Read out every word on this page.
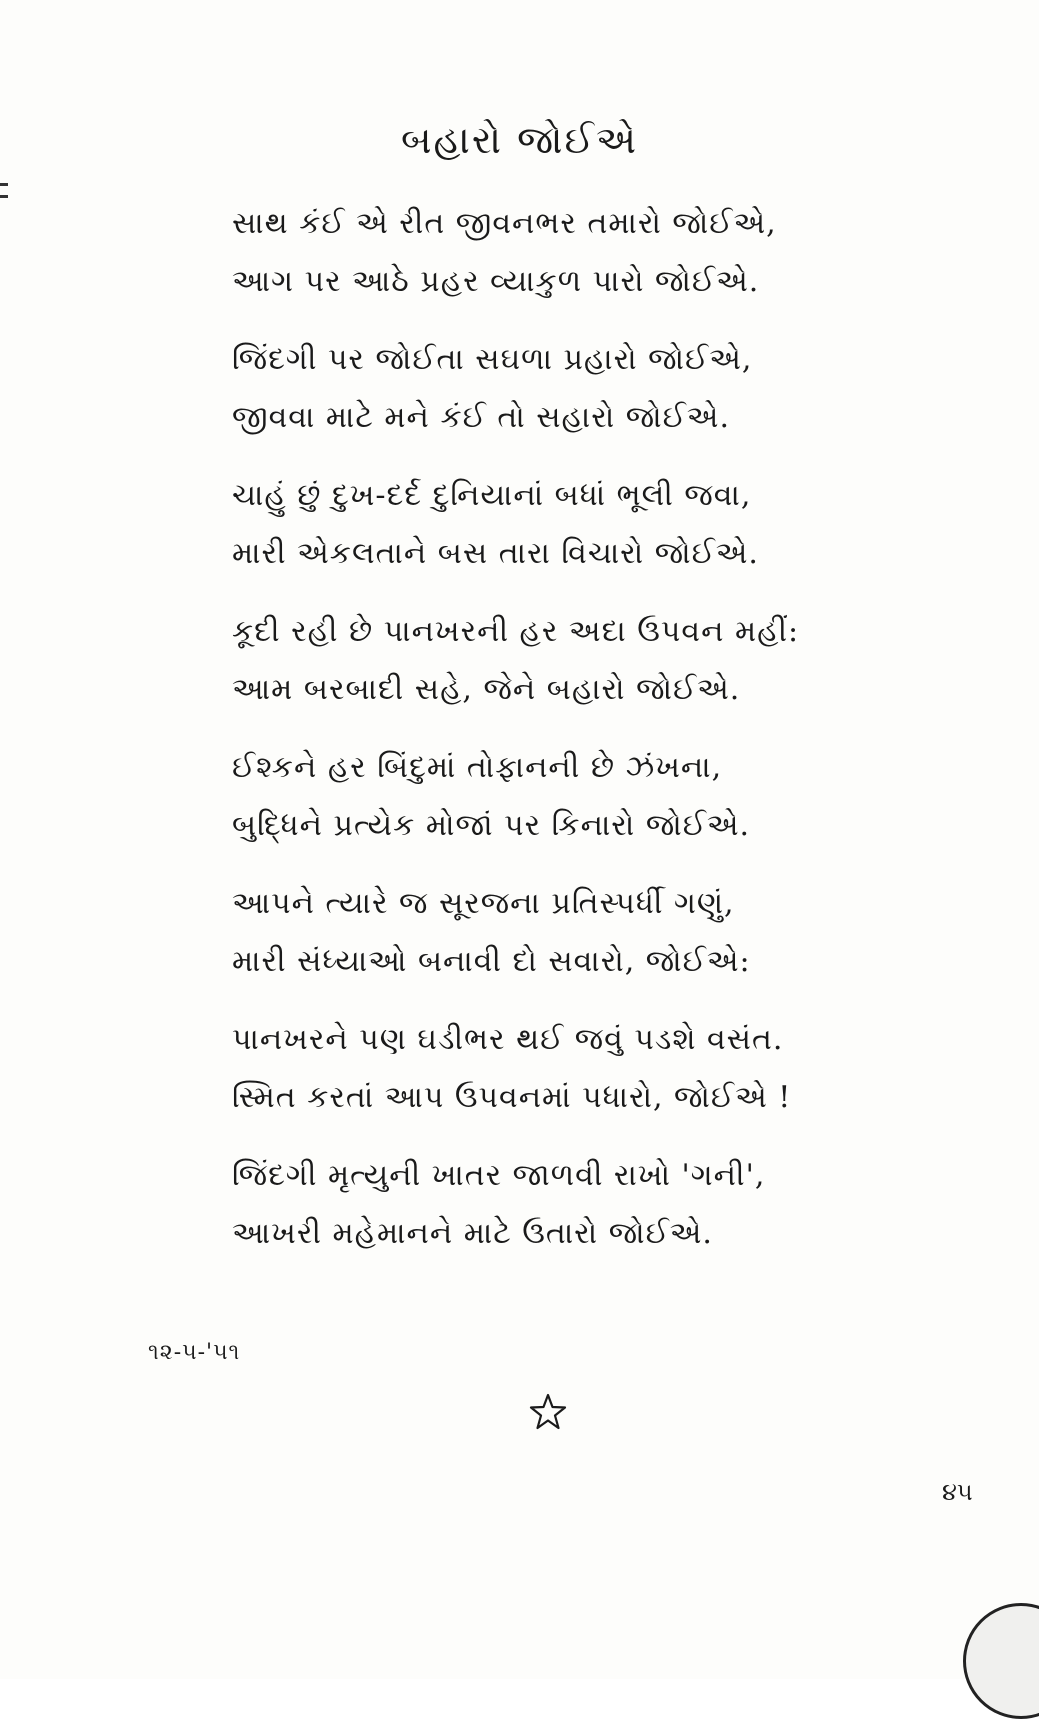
બહારો જોઈએ
સાથ કંઈ એ રીત જીવનભર તમારો જોઈએ,
આગ પર આઠે પ્રહર વ્યાકુળ પારો જોઈએ.
જિંદગી પર જોઈતા સઘળા પ્રહારો જોઈએ,
જીવવા માટે મને કંઈ તો સહારો જોઈએ.
ચાહું છું દુખ-દર્દ દુનિયાનાં બધાં ભૂલી જવા,
મારી એકલતાને બસ તારા વિચારો જોઈએ.
કૂદી રહી છે પાનખરની હર અદા ઉપવન મહીં:
આમ બરબાદી સહે, જેને બહારો જોઈએ.
ઈશ્કને હર બિંદુમાં તોફાનની છે ઝંખના,
બુદ્ધિને પ્રત્યેક મોજાં પર કિનારો જોઈએ.
આપને ત્યારે જ સૂરજના પ્રતિસ્પર્ધી ગણું,
મારી સંધ્યાઓ બનાવી દો સવારો, જોઈએ:
પાનખરને પણ ઘડીભર થઈ જવું પડશે વસંત.
સ્મિત કરતાં આપ ઉપવનમાં પધારો, જોઈએ !
જિંદગી મૃત્યુની ખાતર જાળવી રાખો 'ગની',
આખરી મહેમાનને માટે ઉતારો જોઈએ.
૧૨-૫-'૫૧
૪૫
